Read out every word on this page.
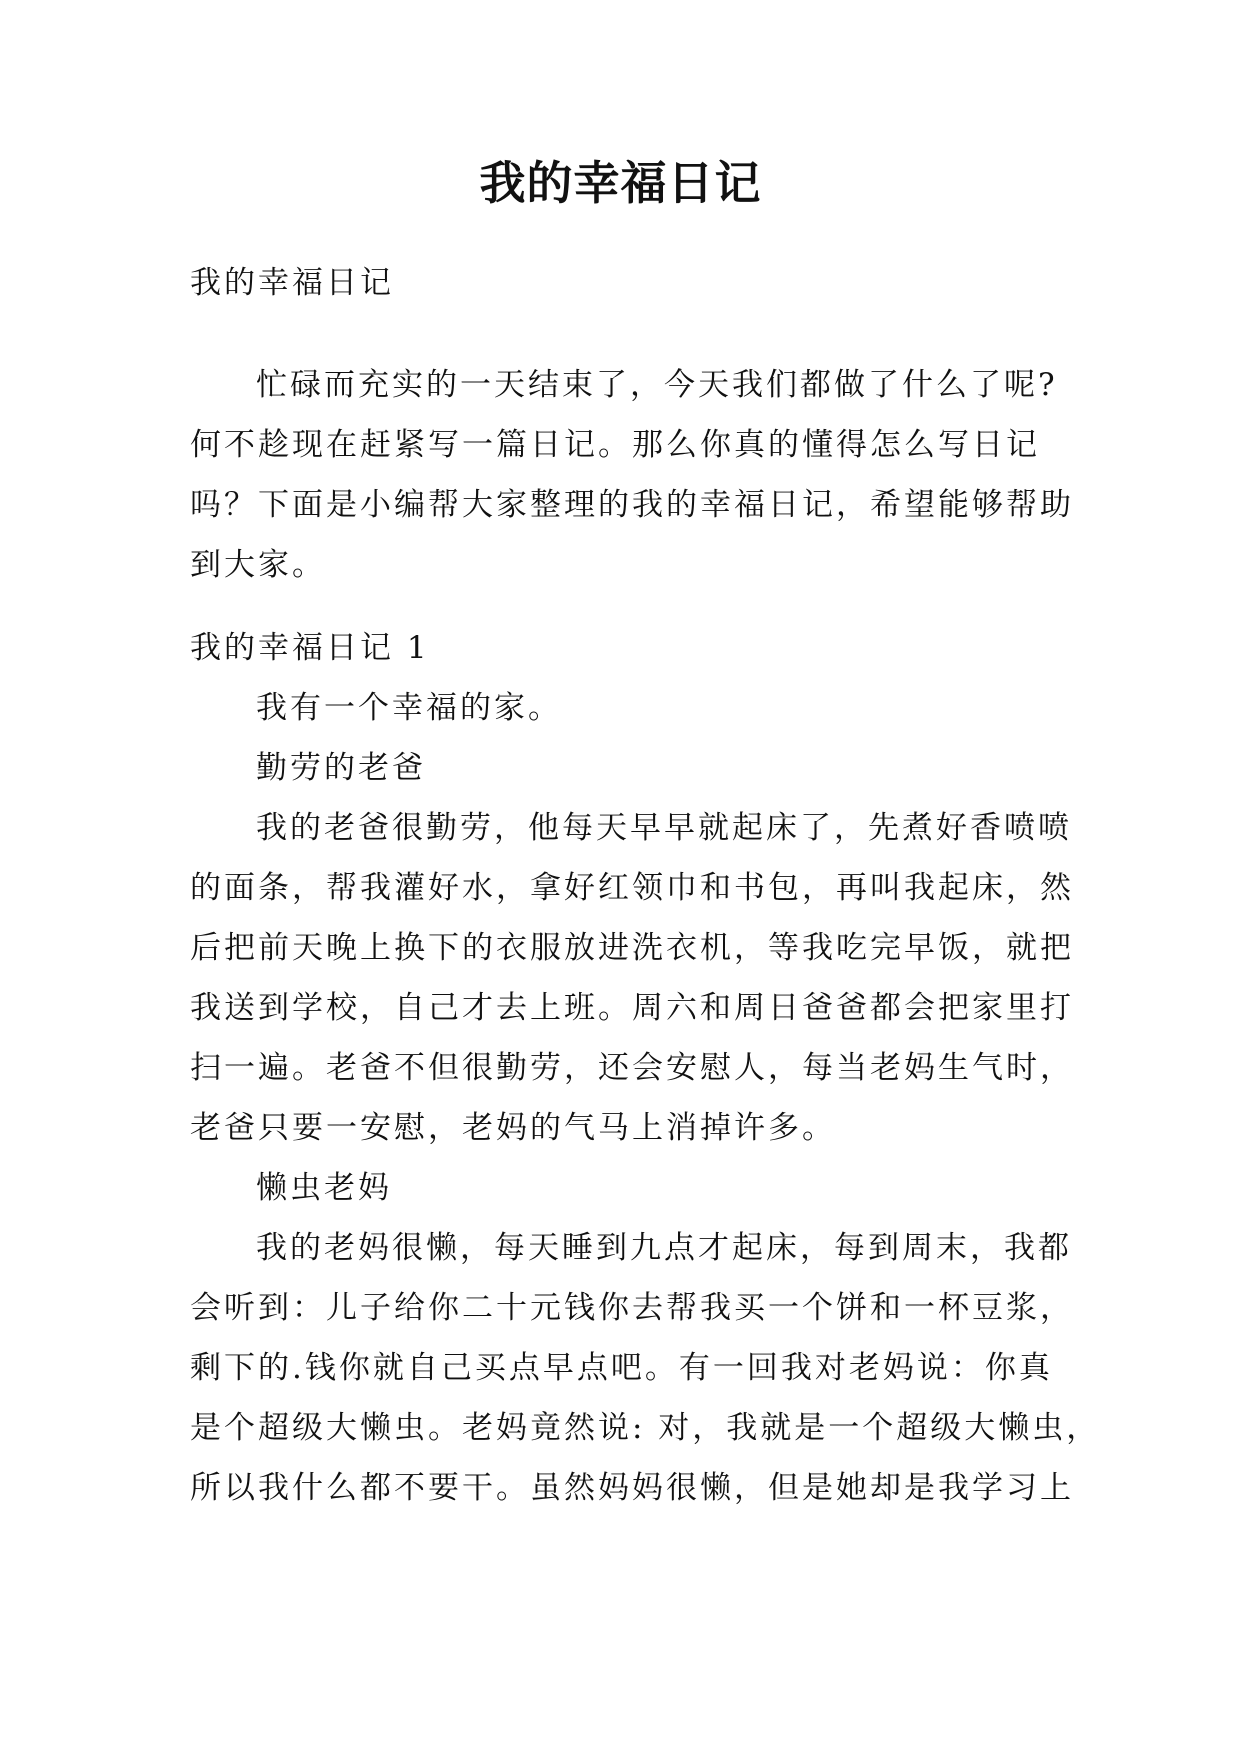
我的幸福日记
我的幸福日记
忙碌而充实的一天结束了，今天我们都做了什么了呢?
何不趁现在赶紧写一篇日记。那么你真的懂得怎么写日记
吗？下面是小编帮大家整理的我的幸福日记，希望能够帮助
到大家。
我的幸福日记 1
我有一个幸福的家。
勤劳的老爸
我的老爸很勤劳，他每天早早就起床了，先煮好香喷喷
的面条，帮我灌好水，拿好红领巾和书包，再叫我起床，然
后把前天晚上换下的衣服放进洗衣机，等我吃完早饭，就把
我送到学校，自己才去上班。周六和周日爸爸都会把家里打
扫一遍。老爸不但很勤劳，还会安慰人，每当老妈生气时，
老爸只要一安慰，老妈的气马上消掉许多。
懒虫老妈
我的老妈很懒，每天睡到九点才起床，每到周末，我都
会听到：儿子给你二十元钱你去帮我买一个饼和一杯豆浆，
剩下的.钱你就自己买点早点吧。有一回我对老妈说：你真
是个超级大懒虫。老妈竟然说: 对，我就是一个超级大懒虫，
所以我什么都不要干。虽然妈妈很懒，但是她却是我学习上
